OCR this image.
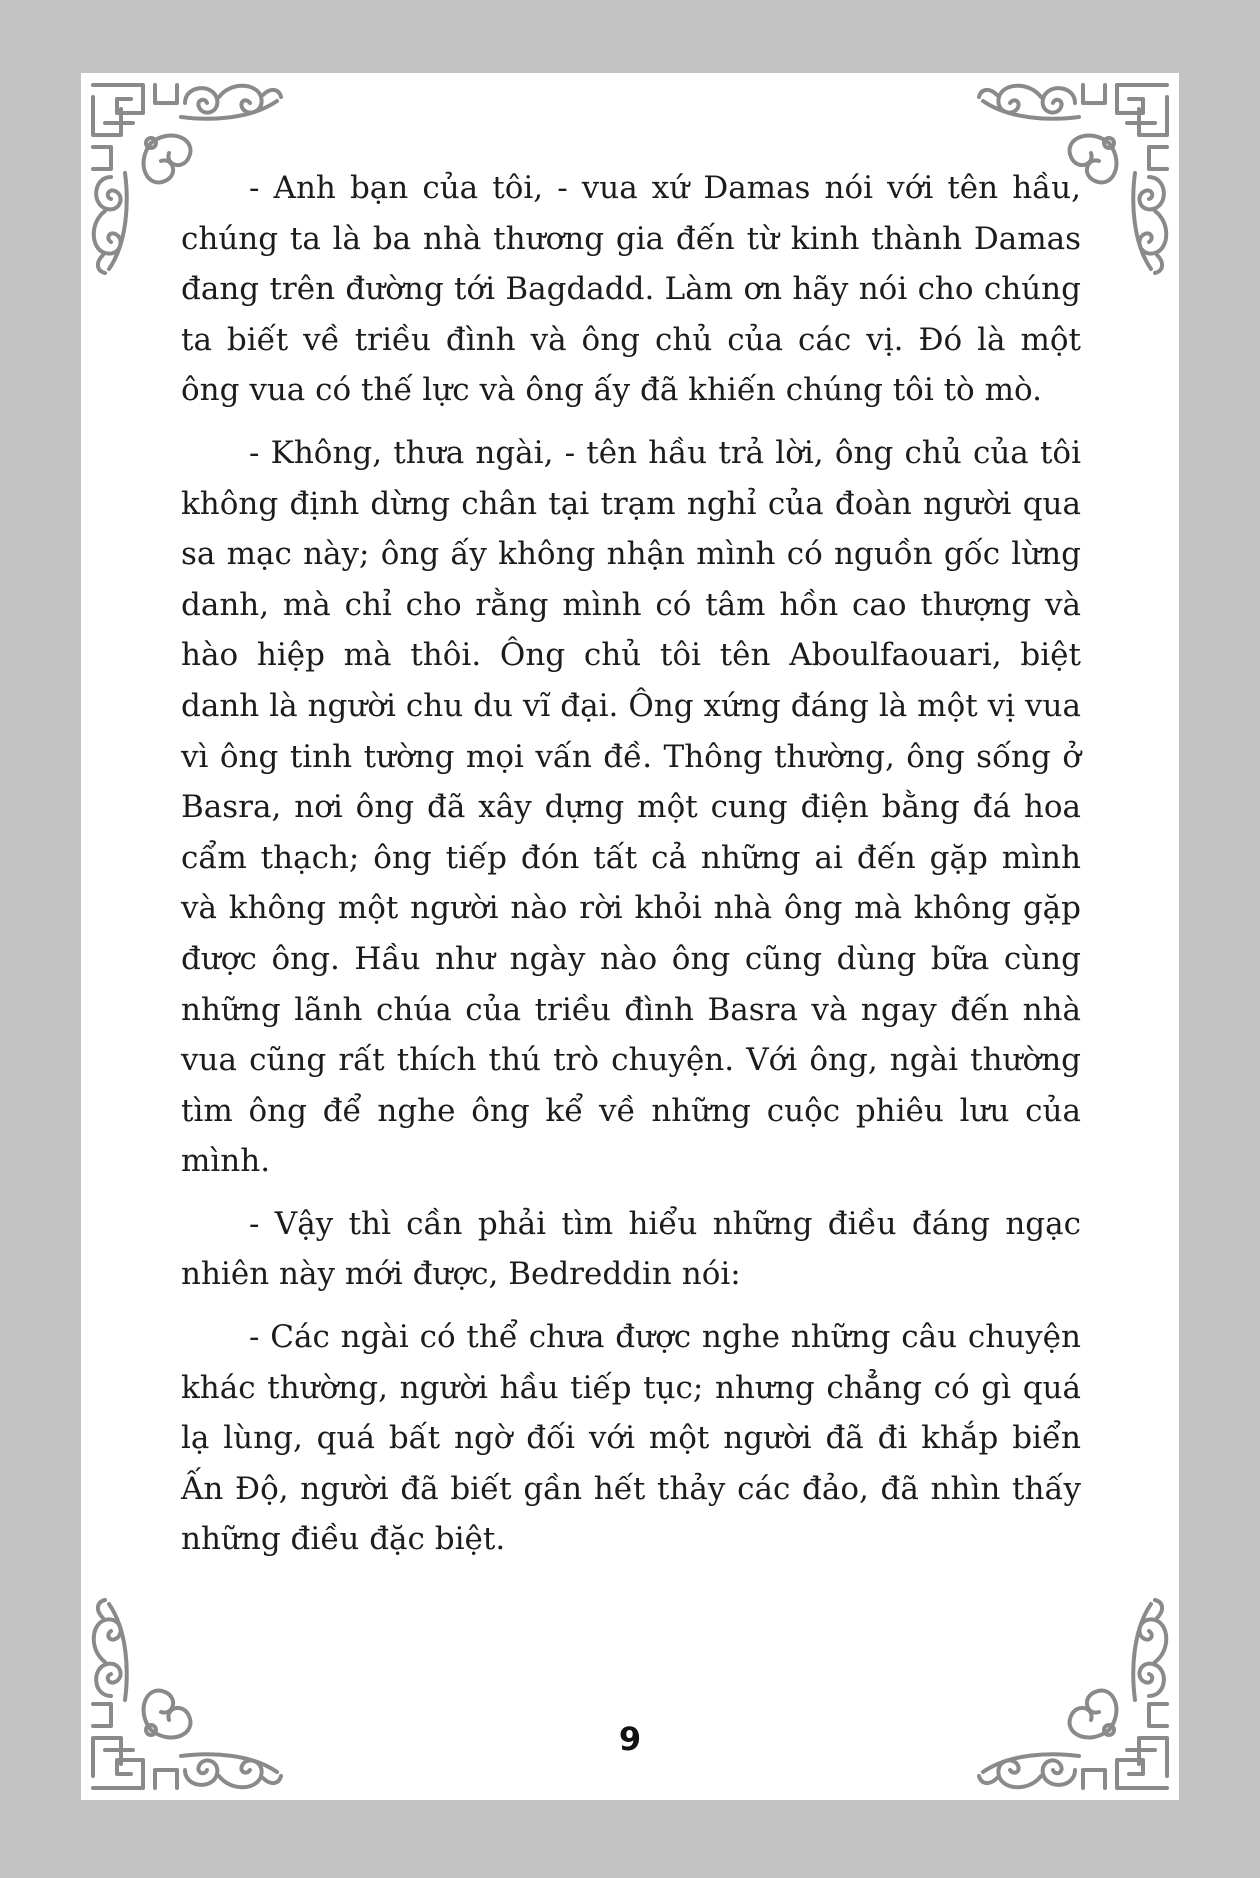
- Anh bạn của tôi, - vua xứ Damas nói với tên hầu, chúng ta là ba nhà thương gia đến từ kinh thành Damas đang trên đường tới Bagdadd. Làm ơn hãy nói cho chúng ta biết về triều đình và ông chủ của các vị. Đó là một ông vua có thế lực và ông ấy đã khiến chúng tôi tò mò.

- Không, thưa ngài, - tên hầu trả lời, ông chủ của tôi không định dừng chân tại trạm nghỉ của đoàn người qua sa mạc này; ông ấy không nhận mình có nguồn gốc lừng danh, mà chỉ cho rằng mình có tâm hồn cao thượng và hào hiệp mà thôi. Ông chủ tôi tên Aboulfaouari, biệt danh là người chu du vĩ đại. Ông xứng đáng là một vị vua vì ông tinh tường mọi vấn đề. Thông thường, ông sống ở Basra, nơi ông đã xây dựng một cung điện bằng đá hoa cẩm thạch; ông tiếp đón tất cả những ai đến gặp mình và không một người nào rời khỏi nhà ông mà không gặp được ông. Hầu như ngày nào ông cũng dùng bữa cùng những lãnh chúa của triều đình Basra và ngay đến nhà vua cũng rất thích thú trò chuyện. Với ông, ngài thường tìm ông để nghe ông kể về những cuộc phiêu lưu của mình.

- Vậy thì cần phải tìm hiểu những điều đáng ngạc nhiên này mới được, Bedreddin nói:

- Các ngài có thể chưa được nghe những câu chuyện khác thường, người hầu tiếp tục; nhưng chẳng có gì quá lạ lùng, quá bất ngờ đối với một người đã đi khắp biển Ấn Độ, người đã biết gần hết thảy các đảo, đã nhìn thấy những điều đặc biệt.

9
